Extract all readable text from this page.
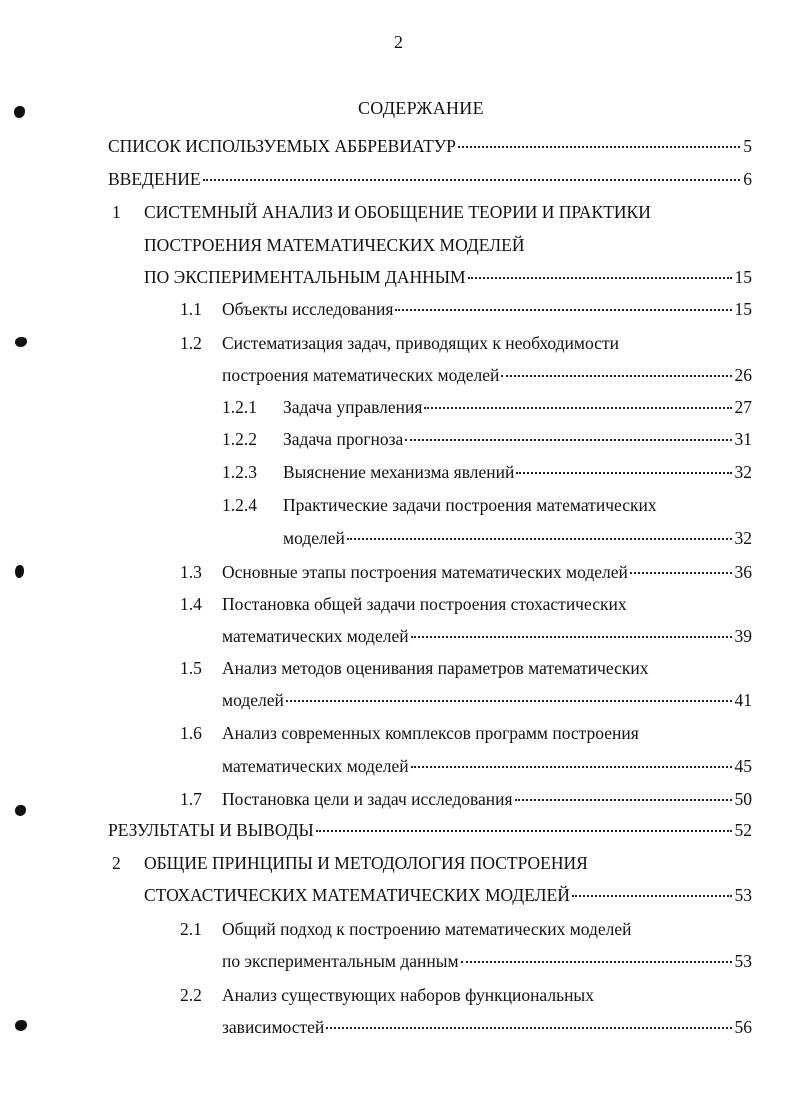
2
СОДЕРЖАНИЕ
СПИСОК ИСПОЛЬЗУЕМЫХ АББРЕВИАТУР	5
ВВЕДЕНИЕ	6
1 СИСТЕМНЫЙ АНАЛИЗ И ОБОБЩЕНИЕ ТЕОРИИ И ПРАКТИКИ
ПОСТРОЕНИЯ МАТЕМАТИЧЕСКИХ МОДЕЛЕЙ
ПО ЭКСПЕРИМЕНТАЛЬНЫМ ДАННЫМ	15
1.1 Объекты исследования	15
1.2 Систематизация задач, приводящих к необходимости
построения математических моделей	26
1.2.1 Задача управления	27
1.2.2 Задача прогноза	31
1.2.3 Выяснение механизма явлений	32
1.2.4 Практические задачи построения математических
моделей	32
1.3 Основные этапы построения математических моделей	36
1.4 Постановка общей задачи построения стохастических
математических моделей	39
1.5 Анализ методов оценивания параметров математических
моделей	41
1.6 Анализ современных комплексов программ построения
математических моделей	45
1.7 Постановка цели и задач исследования	50
РЕЗУЛЬТАТЫ И ВЫВОДЫ	52
2 ОБЩИЕ ПРИНЦИПЫ И МЕТОДОЛОГИЯ ПОСТРОЕНИЯ
СТОХАСТИЧЕСКИХ МАТЕМАТИЧЕСКИХ МОДЕЛЕЙ	53
2.1 Общий подход к построению математических моделей
по экспериментальным данным	53
2.2 Анализ существующих наборов функциональных
зависимостей	56
